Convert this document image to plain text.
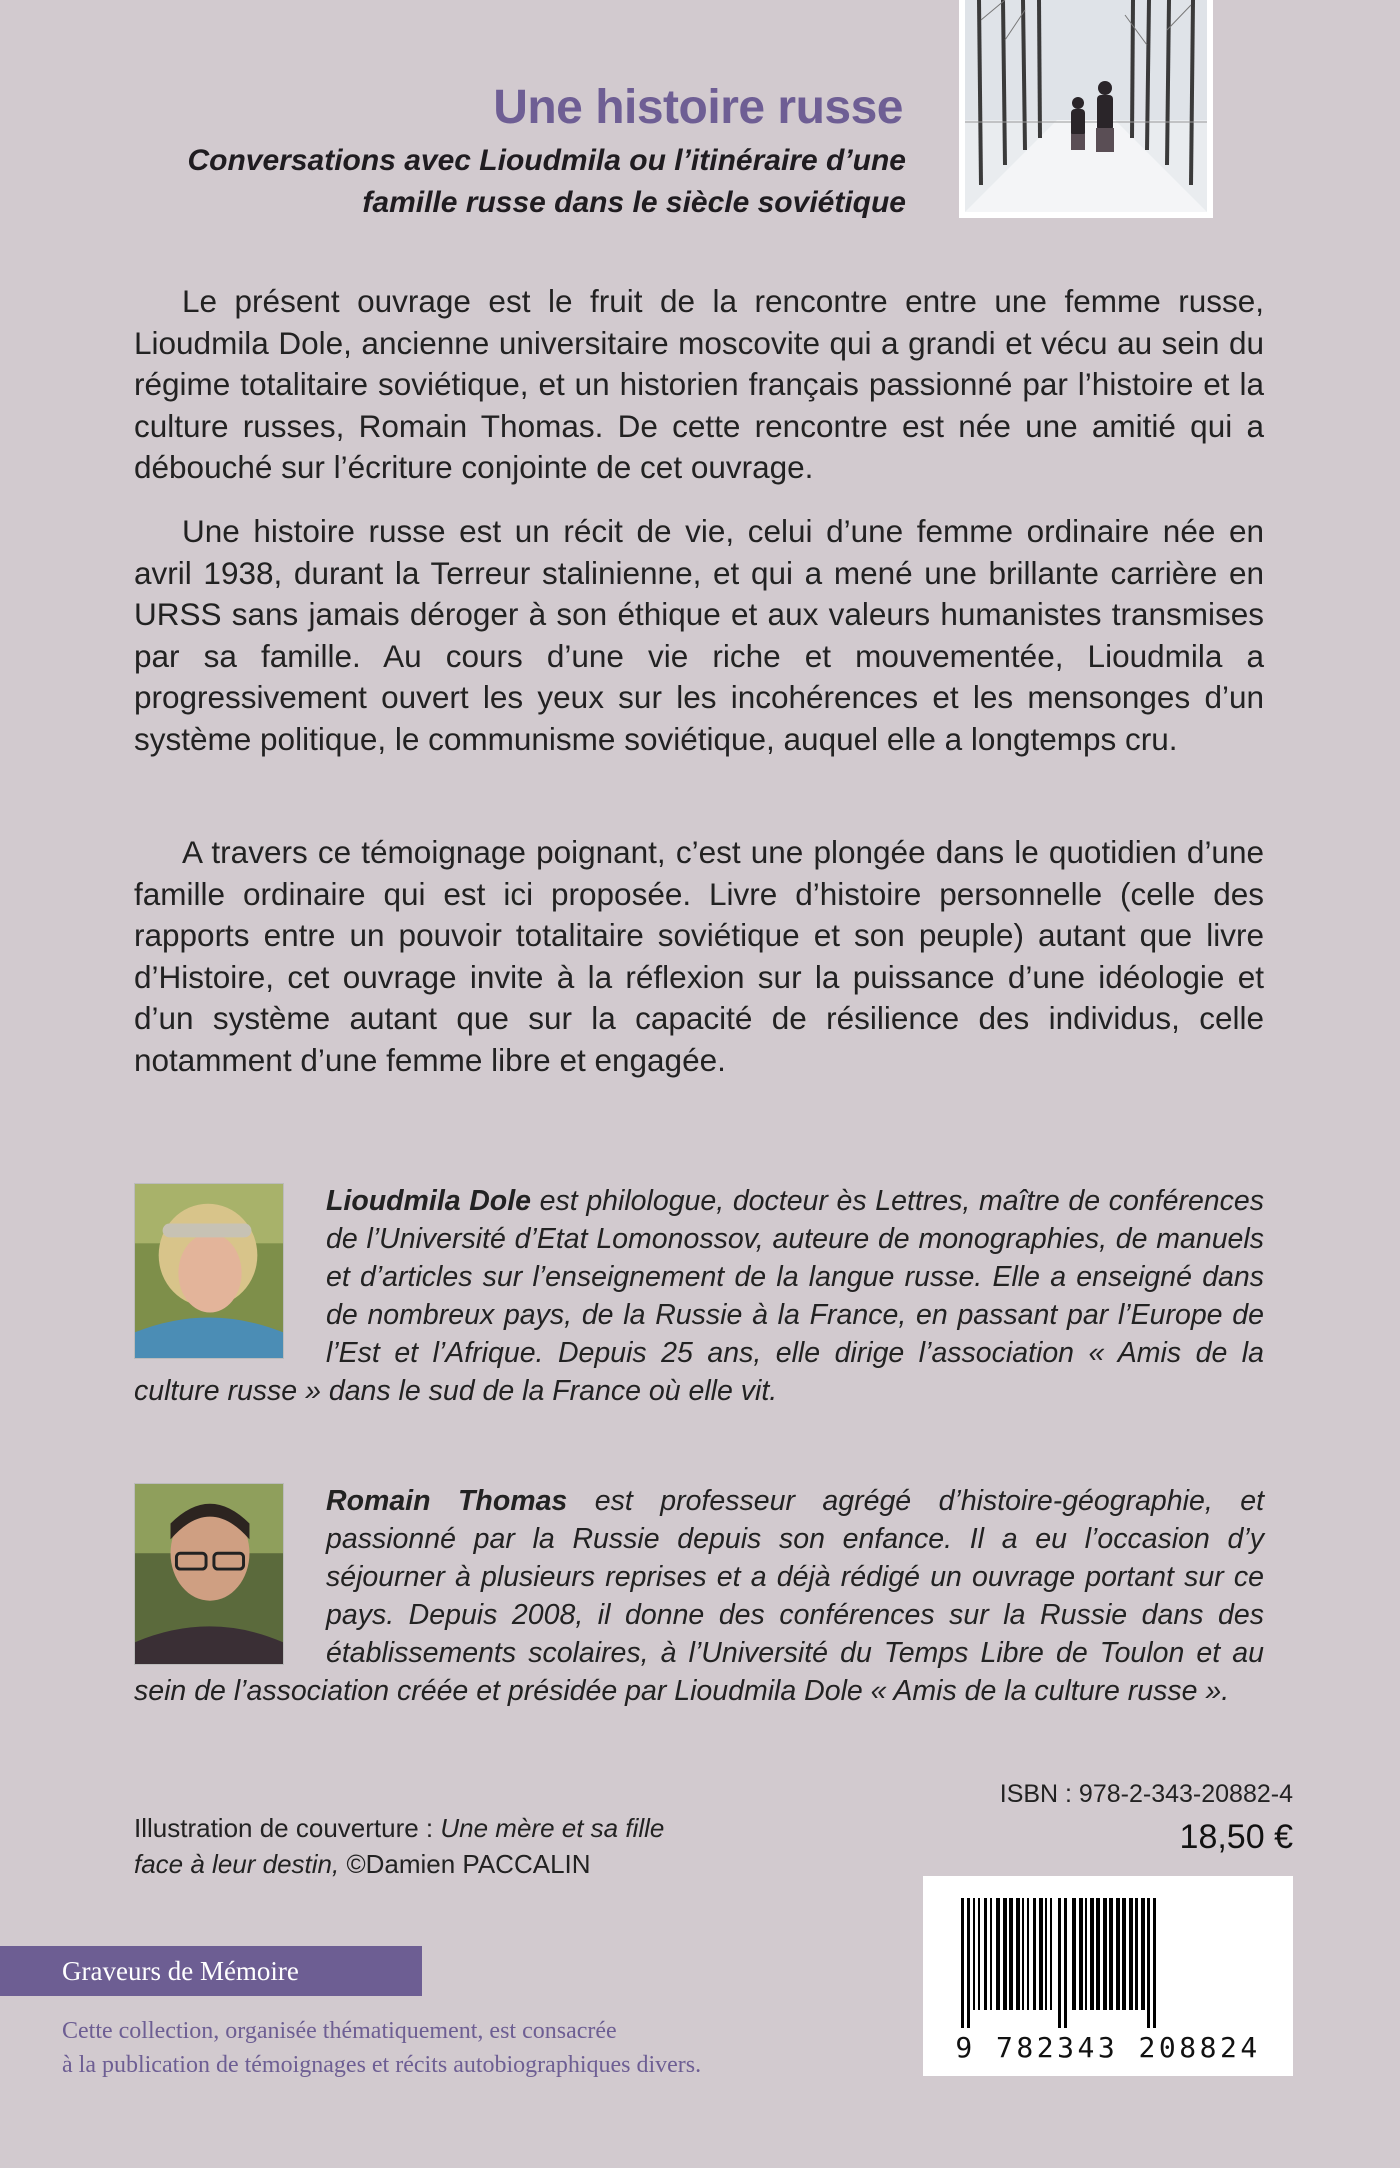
Une histoire russe

Conversations avec Lioudmila ou l’itinéraire d’une famille russe dans le siècle soviétique

Le présent ouvrage est le fruit de la rencontre entre une femme russe, Lioudmila Dole, ancienne universitaire moscovite qui a grandi et vécu au sein du régime totalitaire soviétique, et un historien français passionné par l’histoire et la culture russes, Romain Thomas. De cette rencontre est née une amitié qui a débouché sur l’écriture conjointe de cet ouvrage.

Une histoire russe est un récit de vie, celui d’une femme ordinaire née en avril 1938, durant la Terreur stalinienne, et qui a mené une brillante carrière en URSS sans jamais déroger à son éthique et aux valeurs humanistes transmises par sa famille. Au cours d’une vie riche et mouvementée, Lioudmila a progressivement ouvert les yeux sur les incohérences et les mensonges d’un système politique, le communisme soviétique, auquel elle a longtemps cru.

A travers ce témoignage poignant, c’est une plongée dans le quotidien d’une famille ordinaire qui est ici proposée. Livre d’histoire personnelle (celle des rapports entre un pouvoir totalitaire soviétique et son peuple) autant que livre d’Histoire, cet ouvrage invite à la réflexion sur la puissance d’une idéologie et d’un système autant que sur la capacité de résilience des individus, celle notamment d’une femme libre et engagée.

Lioudmila Dole est philologue, docteur ès Lettres, maître de conférences de l’Université d’Etat Lomonossov, auteure de monographies, de manuels et d’articles sur l’enseignement de la langue russe. Elle a enseigné dans de nombreux pays, de la Russie à la France, en passant par l’Europe de l’Est et l’Afrique. Depuis 25 ans, elle dirige l’association « Amis de la culture russe » dans le sud de la France où elle vit.

Romain Thomas est professeur agrégé d’histoire-géographie, et passionné par la Russie depuis son enfance. Il a eu l’occasion d’y séjourner à plusieurs reprises et a déjà rédigé un ouvrage portant sur ce pays. Depuis 2008, il donne des conférences sur la Russie dans des établissements scolaires, à l’Université du Temps Libre de Toulon et au sein de l’association créée et présidée par Lioudmila Dole « Amis de la culture russe ».

Illustration de couverture : Une mère et sa fille
face à leur destin, ©Damien PACCALIN
ISBN : 978-2-343-20882-4
18,50 €
9 782343 208824
Graveurs de Mémoire
Cette collection, organisée thématiquement, est consacrée
à la publication de témoignages et récits autobiographiques divers.
